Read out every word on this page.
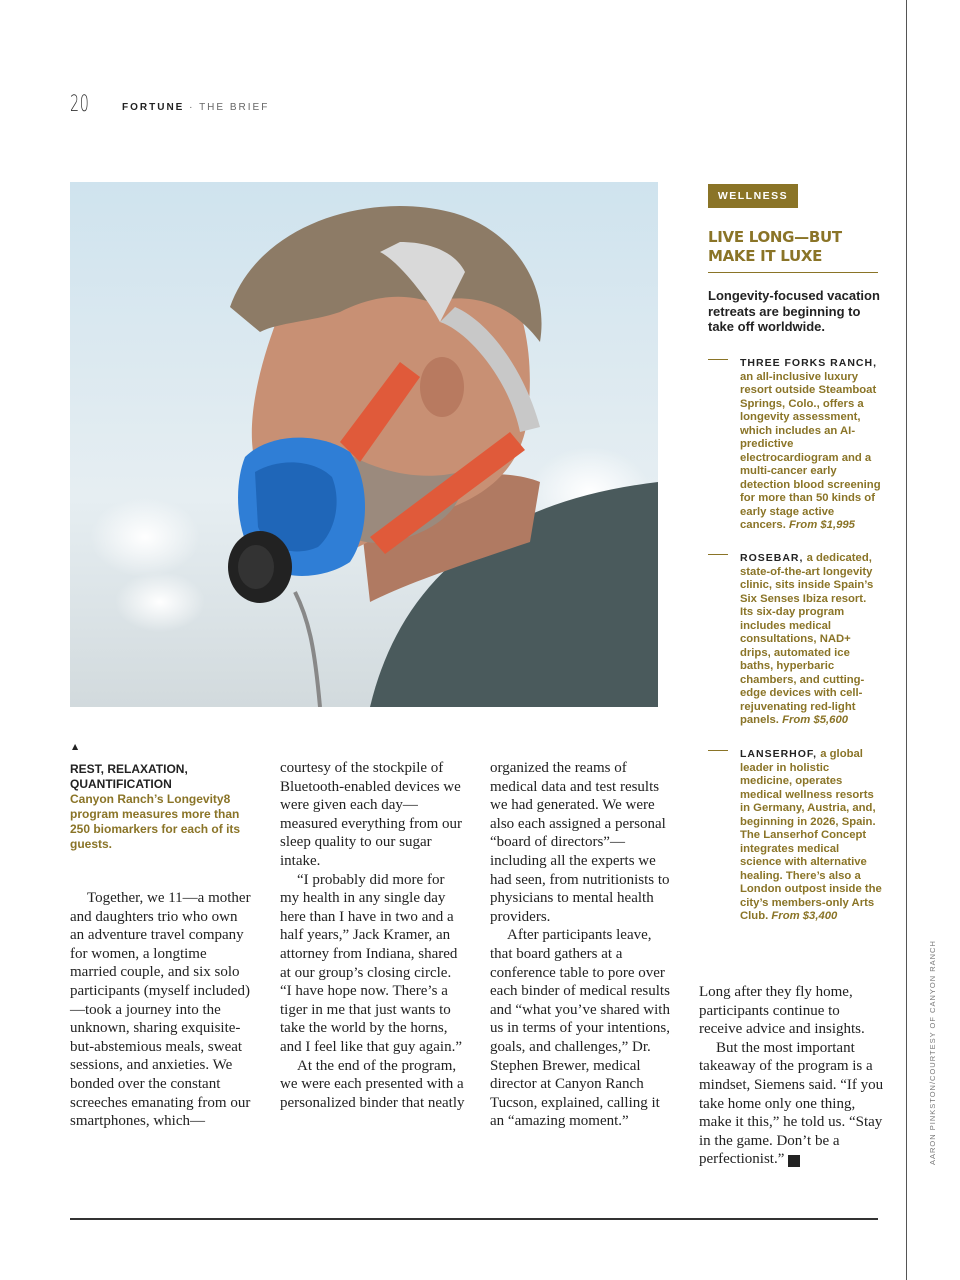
20	FORTUNE · THE BRIEF
AARON PINKSTON/COURTESY OF CANYON RANCH
▲
REST, RELAXATION, QUANTIFICATION
Canyon Ranch’s Longevity8 program measures more than 250 biomarkers for each of its guests.

Together, we 11—a mother and daughters trio who own an adventure travel company for women, a longtime married couple, and six solo participants (myself included)—took a journey into the unknown, sharing exquisite-but-abstemious meals, sweat sessions, and anxieties. We bonded over the constant screeches emanating from our smartphones, which—

courtesy of the stockpile of Bluetooth-enabled devices we were given each day—measured everything from our sleep quality to our sugar intake.

“I probably did more for my health in any single day here than I have in two and a half years,” Jack Kramer, an attorney from Indiana, shared at our group’s closing circle. “I have hope now. There’s a tiger in me that just wants to take the world by the horns, and I feel like that guy again.”

At the end of the program, we were each presented with a personalized binder that neatly

organized the reams of medical data and test results we had generated. We were also each assigned a personal “board of directors”—including all the experts we had seen, from nutritionists to physicians to mental health providers.

After participants leave, that board gathers at a conference table to pore over each binder of medical results and “what you’ve shared with us in terms of your intentions, goals, and challenges,” Dr. Stephen Brewer, medical director at Canyon Ranch Tucson, explained, calling it an “amazing moment.”

Long after they fly home, participants continue to receive advice and insights.

But the most important takeaway of the program is a mindset, Siemens said. “If you take home only one thing, make it this,” he told us. “Stay in the game. Don’t be a perfectionist.” F

WELLNESS
LIVE LONG—BUT
MAKE IT LUXE
Longevity-focused vacation retreats are beginning to take off worldwide.
THREE FORKS RANCH, an all-inclusive luxury resort outside Steamboat Springs, Colo., offers a longevity assessment, which includes an AI-predictive electrocardiogram and a multi-cancer early detection blood screening for more than 50 kinds of early stage active cancers. From $1,995
ROSEBAR, a dedicated, state-of-the-art longevity clinic, sits inside Spain’s Six Senses Ibiza resort. Its six-day program includes medical consultations, NAD+ drips, automated ice baths, hyperbaric chambers, and cutting-edge devices with cell-rejuvenating red-light panels. From $5,600
LANSERHOF, a global leader in holistic medicine, operates medical wellness resorts in Germany, Austria, and, beginning in 2026, Spain. The Lanserhof Concept integrates medical science with alternative healing. There’s also a London outpost inside the city’s members-only Arts Club. From $3,400
